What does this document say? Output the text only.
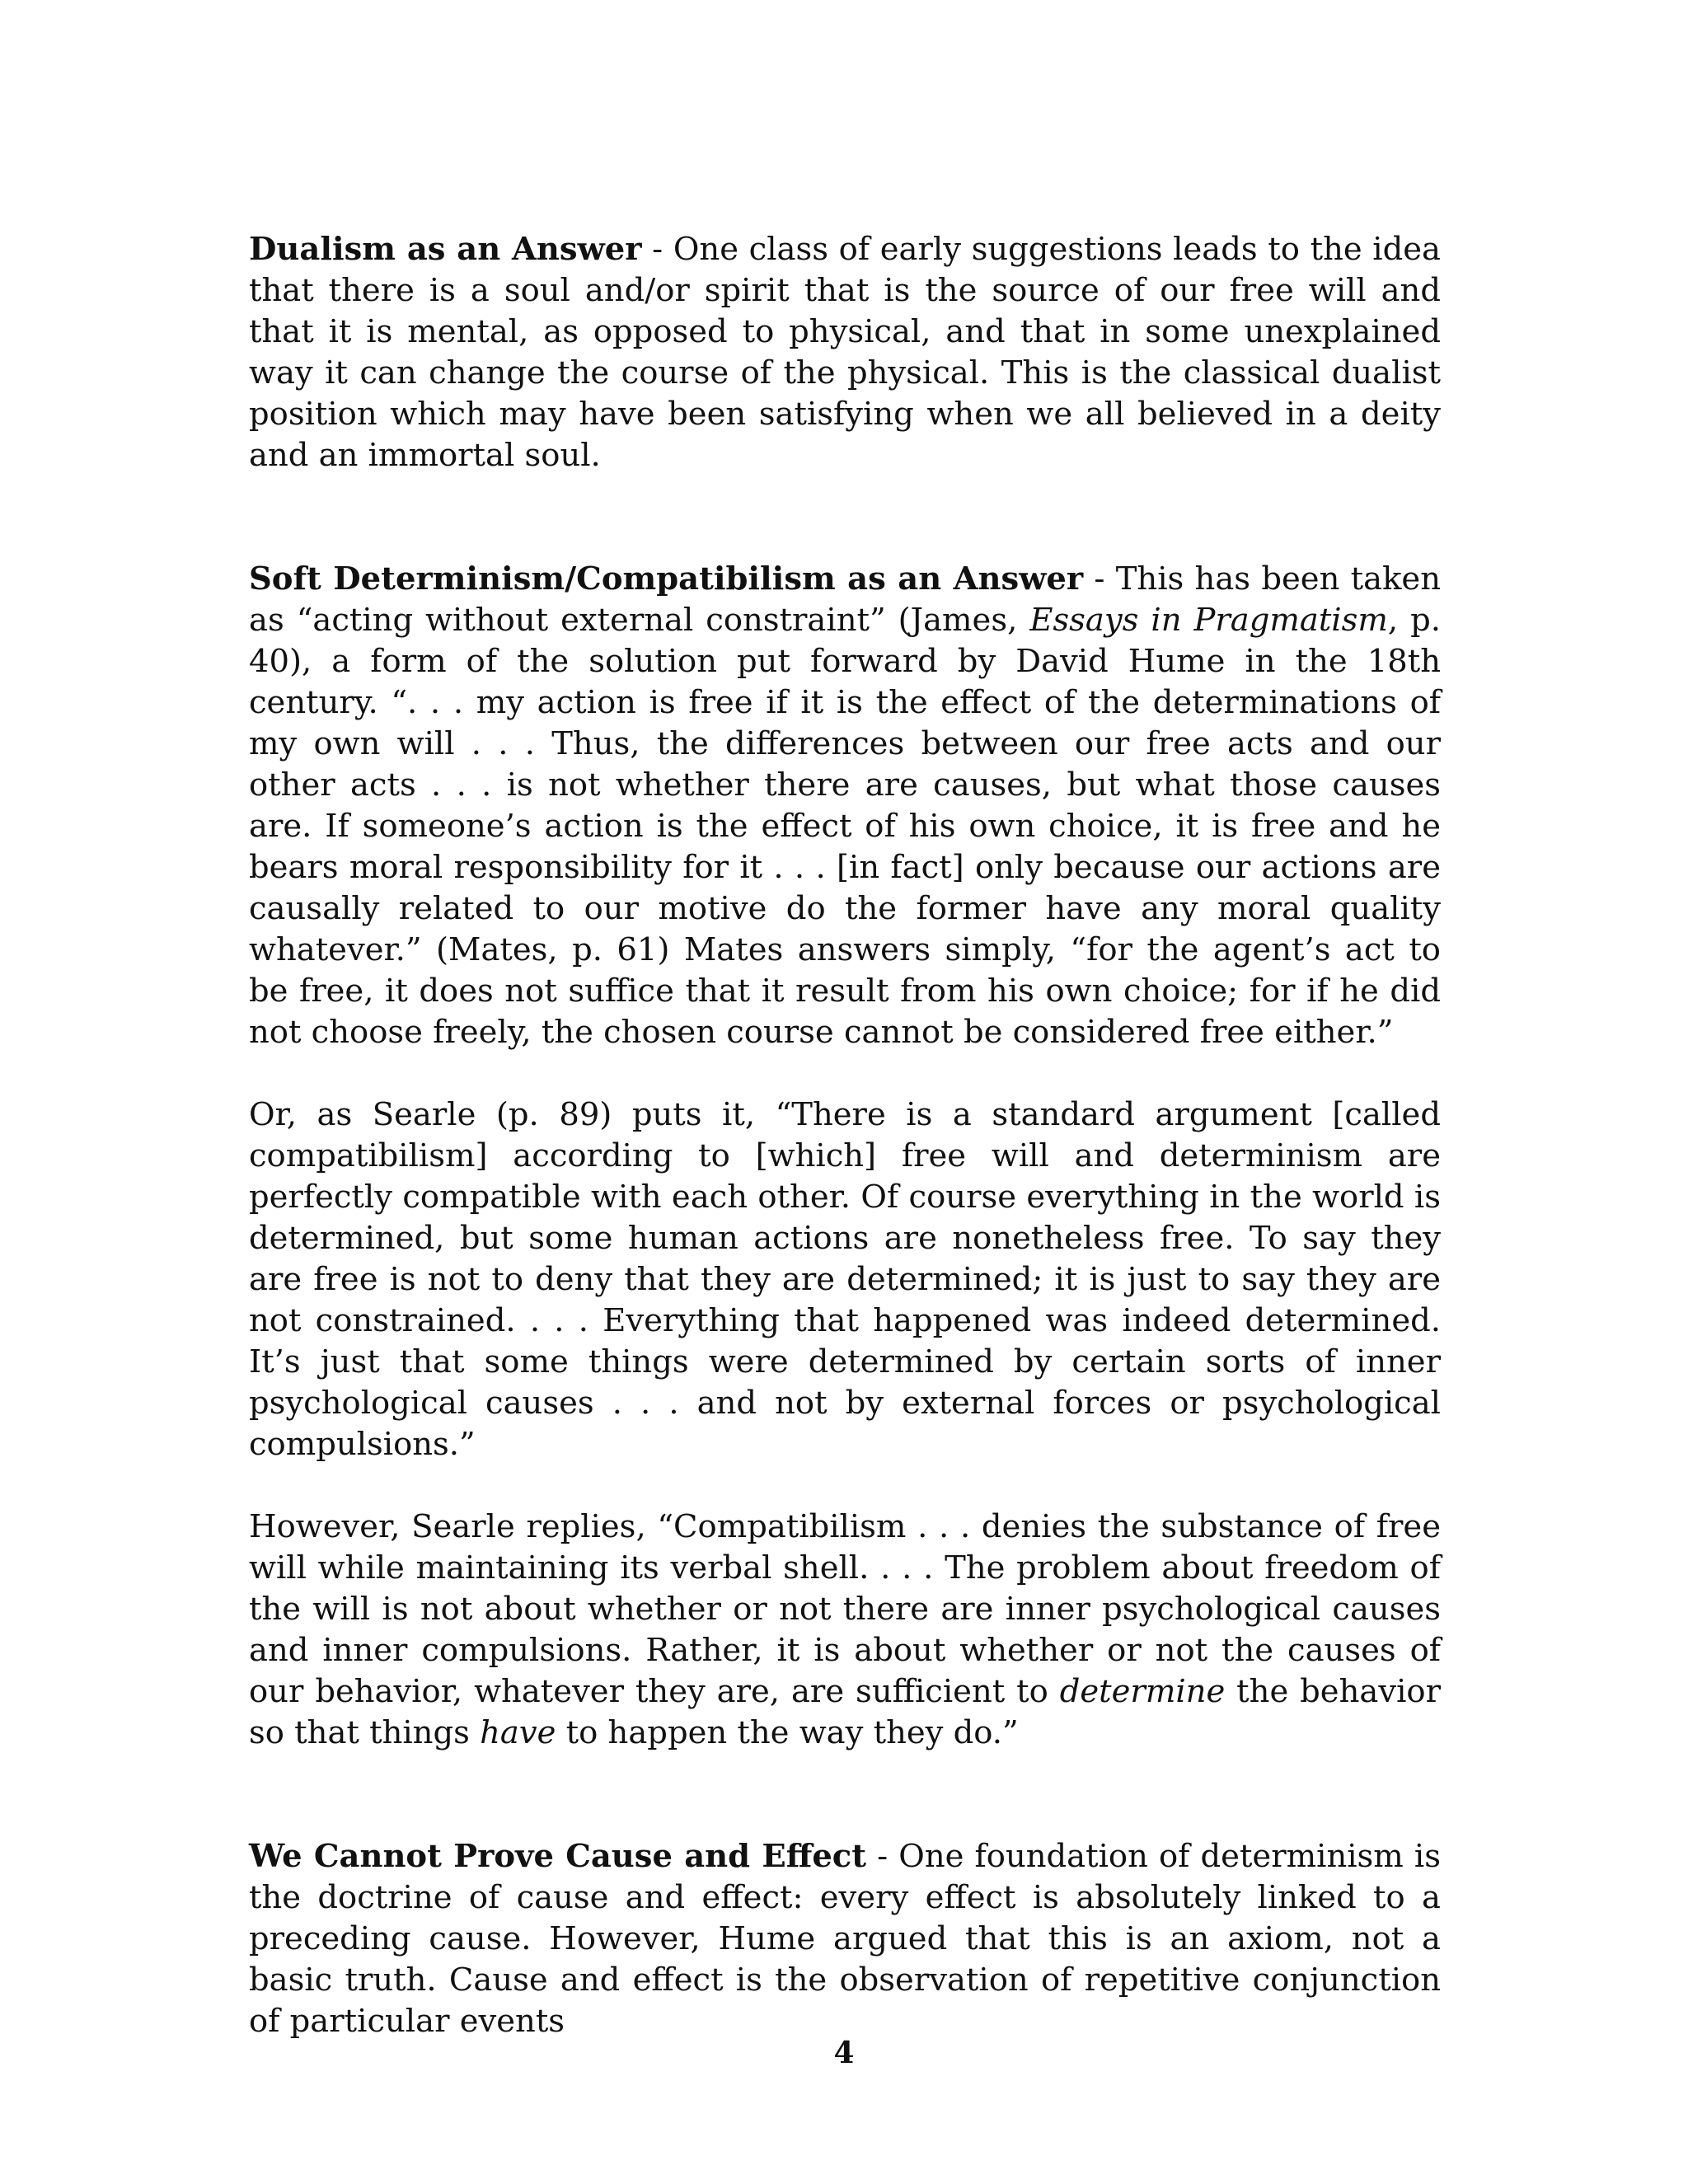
Dualism as an Answer - One class of early suggestions leads to the idea that there is a soul and/or spirit that is the source of our free will and that it is mental, as opposed to physical, and that in some unexplained way it can change the course of the physical. This is the classical dualist position which may have been satisfying when we all believed in a deity and an immortal soul.

Soft Determinism/Compatibilism as an Answer - This has been taken as “acting without external constraint” (James, Essays in Pragmatism, p. 40), a form of the solution put forward by David Hume in the 18th century. “. . . my action is free if it is the effect of the determinations of my own will . . . Thus, the differences between our free acts and our other acts . . . is not whether there are causes, but what those causes are. If someone’s action is the effect of his own choice, it is free and he bears moral responsibility for it . . . [in fact] only because our actions are causally related to our motive do the former have any moral quality whatever.” (Mates, p. 61) Mates answers simply, “for the agent’s act to be free, it does not suffice that it result from his own choice; for if he did not choose freely, the chosen course cannot be considered free either.”

Or, as Searle (p. 89) puts it, “There is a standard argument [called compatibilism] according to [which] free will and determinism are perfectly compatible with each other. Of course everything in the world is determined, but some human actions are nonetheless free. To say they are free is not to deny that they are determined; it is just to say they are not constrained. . . . Everything that happened was indeed determined. It’s just that some things were determined by certain sorts of inner psychological causes . . . and not by external forces or psychological compulsions.”

However, Searle replies, “Compatibilism . . . denies the substance of free will while maintaining its verbal shell. . . . The problem about freedom of the will is not about whether or not there are inner psychological causes and inner compulsions. Rather, it is about whether or not the causes of our behavior, whatever they are, are sufficient to determine the behavior so that things have to happen the way they do.”

We Cannot Prove Cause and Effect - One foundation of determinism is the doctrine of cause and effect: every effect is absolutely linked to a preceding cause. However, Hume argued that this is an axiom, not a basic truth. Cause and effect is the observation of repetitive conjunction of particular events

4
